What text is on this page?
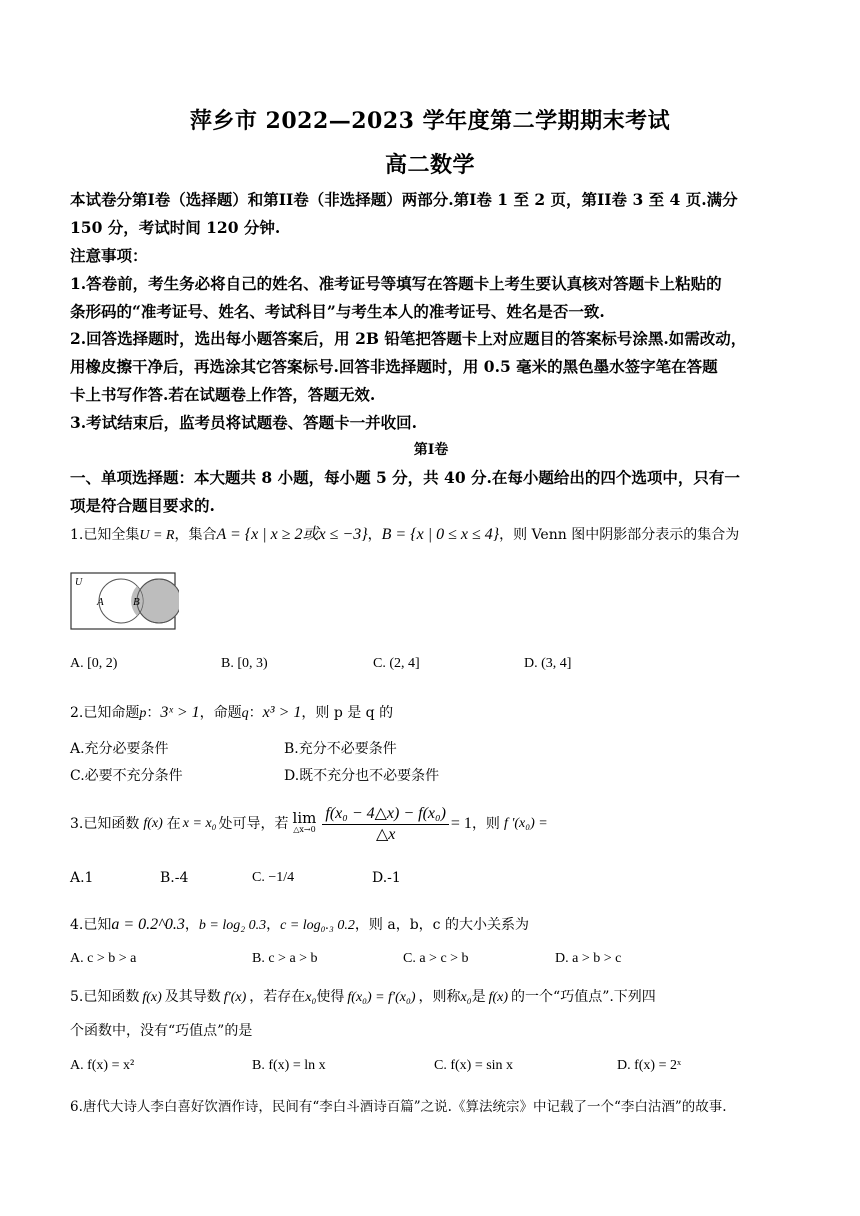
萍乡市 2022—2023 学年度第二学期期末考试
高二数学
本试卷分第I卷（选择题）和第II卷（非选择题）两部分.第I卷 1 至 2 页，第II卷 3 至 4 页.满分
150 分，考试时间 120 分钟.
注意事项：
1.答卷前，考生务必将自己的姓名、准考证号等填写在答题卡上考生要认真核对答题卡上粘贴的
条形码的“准考证号、姓名、考试科目”与考生本人的准考证号、姓名是否一致.
2.回答选择题时，选出每小题答案后，用 2B 铅笔把答题卡上对应题目的答案标号涂黑.如需改动，
用橡皮擦干净后，再选涂其它答案标号.回答非选择题时，用 0.5 毫米的黑色墨水签字笔在答题
卡上书写作答.若在试题卷上作答，答题无效.
3.考试结束后，监考员将试题卷、答题卡一并收回.
第I卷
一、单项选择题：本大题共 8 小题，每小题 5 分，共 40 分.在每小题给出的四个选项中，只有一
项是符合题目要求的.
1.已知全集U = R，集合A = {x | x ≥ 2或x ≤ −3}，B = {x | 0 ≤ x ≤ 4}，则 Venn 图中阴影部分表示的集合为
U
A	B
A. [0, 2)	B. [0, 3)	C. (2, 4]	D. (3, 4]
2.已知命题p：3ˣ > 1，命题q：x³ > 1，则 p 是 q 的
A.充分必要条件	B.充分不必要条件
C.必要不充分条件	D.既不充分也不必要条件
3.已知函数 f(x) 在 x = x₀ 处可导，若 lim
△x→0 $\frac{\text{f(x₀ − 4△x) − f(x₀)}}{\triangle x} = 1$ ，则 f ′(x₀) =
A.1	B.-4	C. −1/4	D.-1
4.已知a = 0.2^0.3，b = log₂ 0.3，c = log₀.₃ 0.2，则 a，b，c 的大小关系为
A. c > b > a	B. c > a > b	C. a > c > b	D. a > b > c
5.已知函数 f(x) 及其导数 f′(x) ，若存在x₀使得 f(x₀) = f′(x₀) ，则称x₀是 f(x) 的一个“巧值点”.下列四
个函数中，没有“巧值点”的是
A. f(x) = x²	B. f(x) = ln x	C. f(x) = sin x	D. f(x) = 2ˣ
6.唐代大诗人李白喜好饮酒作诗，民间有“李白斗酒诗百篇”之说.《算法统宗》中记载了一个“李白沽酒”的故事.
